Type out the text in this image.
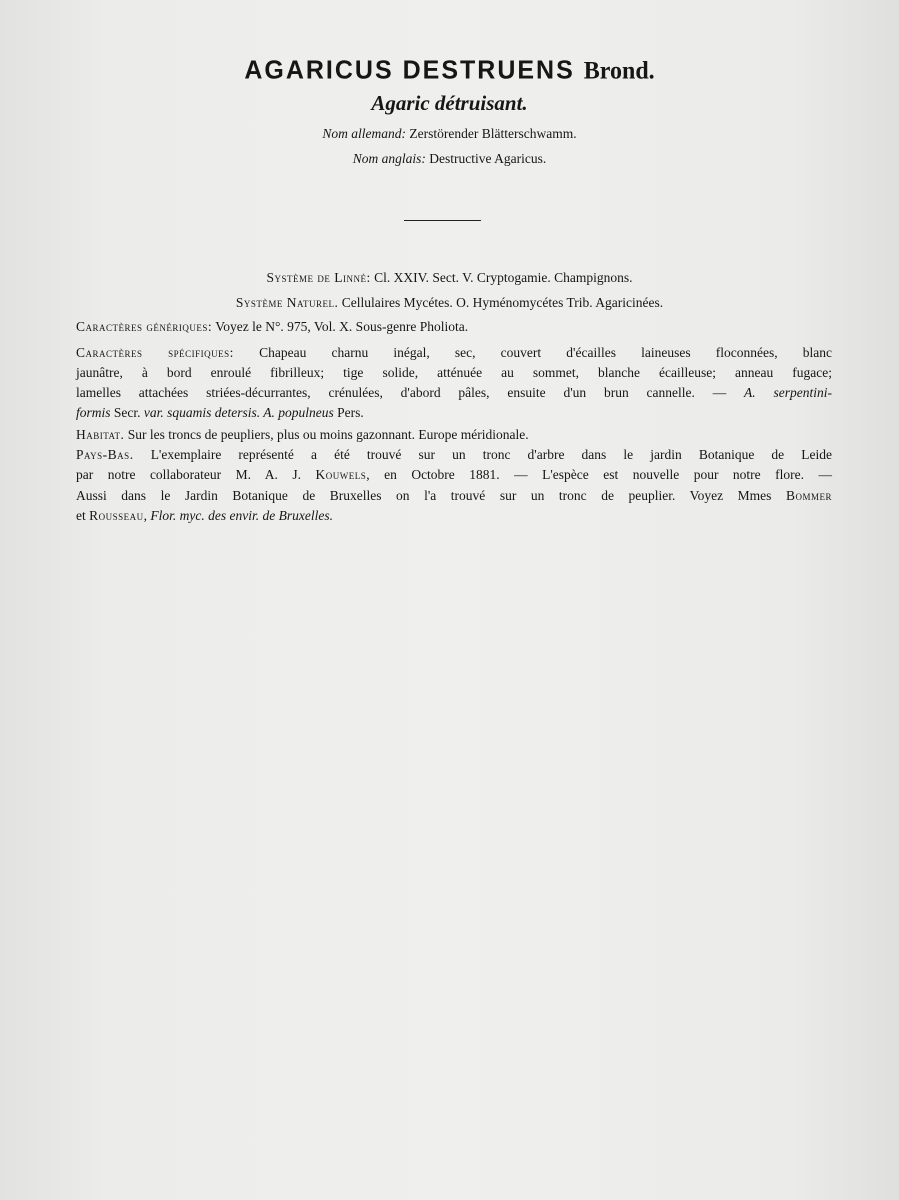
AGARICUS DESTRUENS Brond.
Agaric détruisant.
Nom allemand: Zerstörender Blätterschwamm.
Nom anglais: Destructive Agaricus.
Système de Linné: Cl. XXIV. Sect. V. Cryptogamie. Champignons.
Système Naturel. Cellulaires Mycétes. O. Hyménomycétes Trib. Agaricinées.
Caractères génériques: Voyez le N°. 975, Vol. X. Sous-genre Pholiota.
Caractères spécifiques: Chapeau charnu inégal, sec, couvert d'écailles laineuses floconnées, blanc
jaunâtre, à bord enroulé fibrilleux; tige solide, atténuée au sommet, blanche écailleuse; anneau fugace;
lamelles attachées striées-décurrantes, crénulées, d'abord pâles, ensuite d'un brun cannelle. — A. serpentini-
formis Secr. var. squamis detersis. A. populneus Pers.
Habitat. Sur les troncs de peupliers, plus ou moins gazonnant. Europe méridionale.
Pays-Bas. L'exemplaire représenté a été trouvé sur un tronc d'arbre dans le jardin Botanique de Leide
par notre collaborateur M. A. J. Kouwels, en Octobre 1881. — L'espèce est nouvelle pour notre flore. —
Aussi dans le Jardin Botanique de Bruxelles on l'a trouvé sur un tronc de peuplier. Voyez Mmes Bommer
et Rousseau, Flor. myc. des envir. de Bruxelles.
